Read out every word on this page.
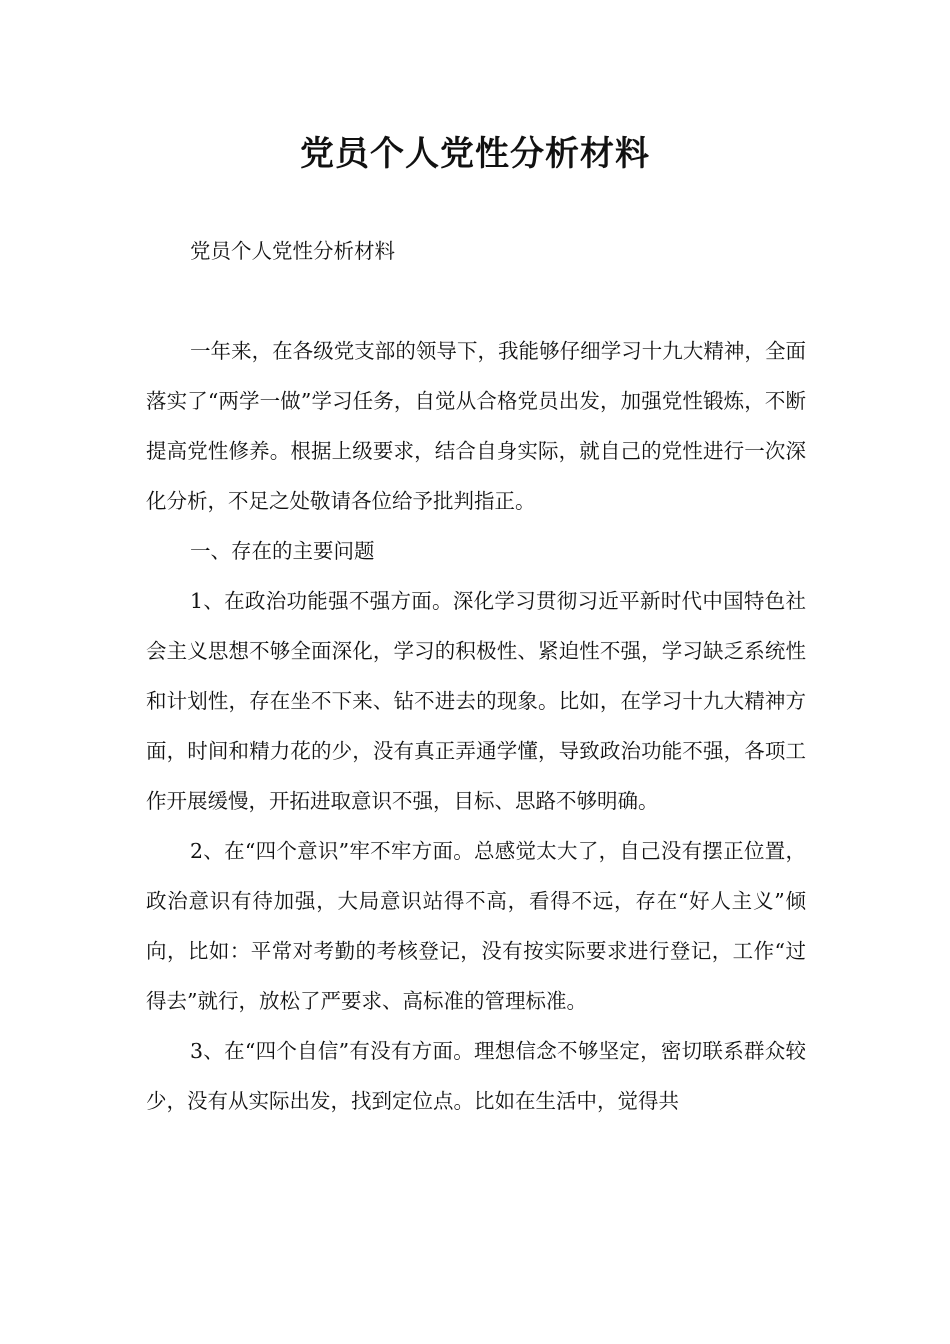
党员个人党性分析材料

党员个人党性分析材料

一年来，在各级党支部的领导下，我能够仔细学习十九大精神，全面落实了“两学一做”学习任务，自觉从合格党员出发，加强党性锻炼，不断提高党性修养。根据上级要求，结合自身实际，就自己的党性进行一次深化分析，不足之处敬请各位给予批判指正。

一、存在的主要问题

1、在政治功能强不强方面。深化学习贯彻习近平新时代中国特色社会主义思想不够全面深化，学习的积极性、紧迫性不强，学习缺乏系统性和计划性，存在坐不下来、钻不进去的现象。比如，在学习十九大精神方面，时间和精力花的少，没有真正弄通学懂，导致政治功能不强，各项工作开展缓慢，开拓进取意识不强，目标、思路不够明确。

2、在“四个意识”牢不牢方面。总感觉太大了，自己没有摆正位置，政治意识有待加强，大局意识站得不高，看得不远，存在“好人主义”倾向，比如：平常对考勤的考核登记，没有按实际要求进行登记，工作“过得去”就行，放松了严要求、高标准的管理标准。

3、在“四个自信”有没有方面。理想信念不够坚定，密切联系群众较少，没有从实际出发，找到定位点。比如在生活中，觉得共
